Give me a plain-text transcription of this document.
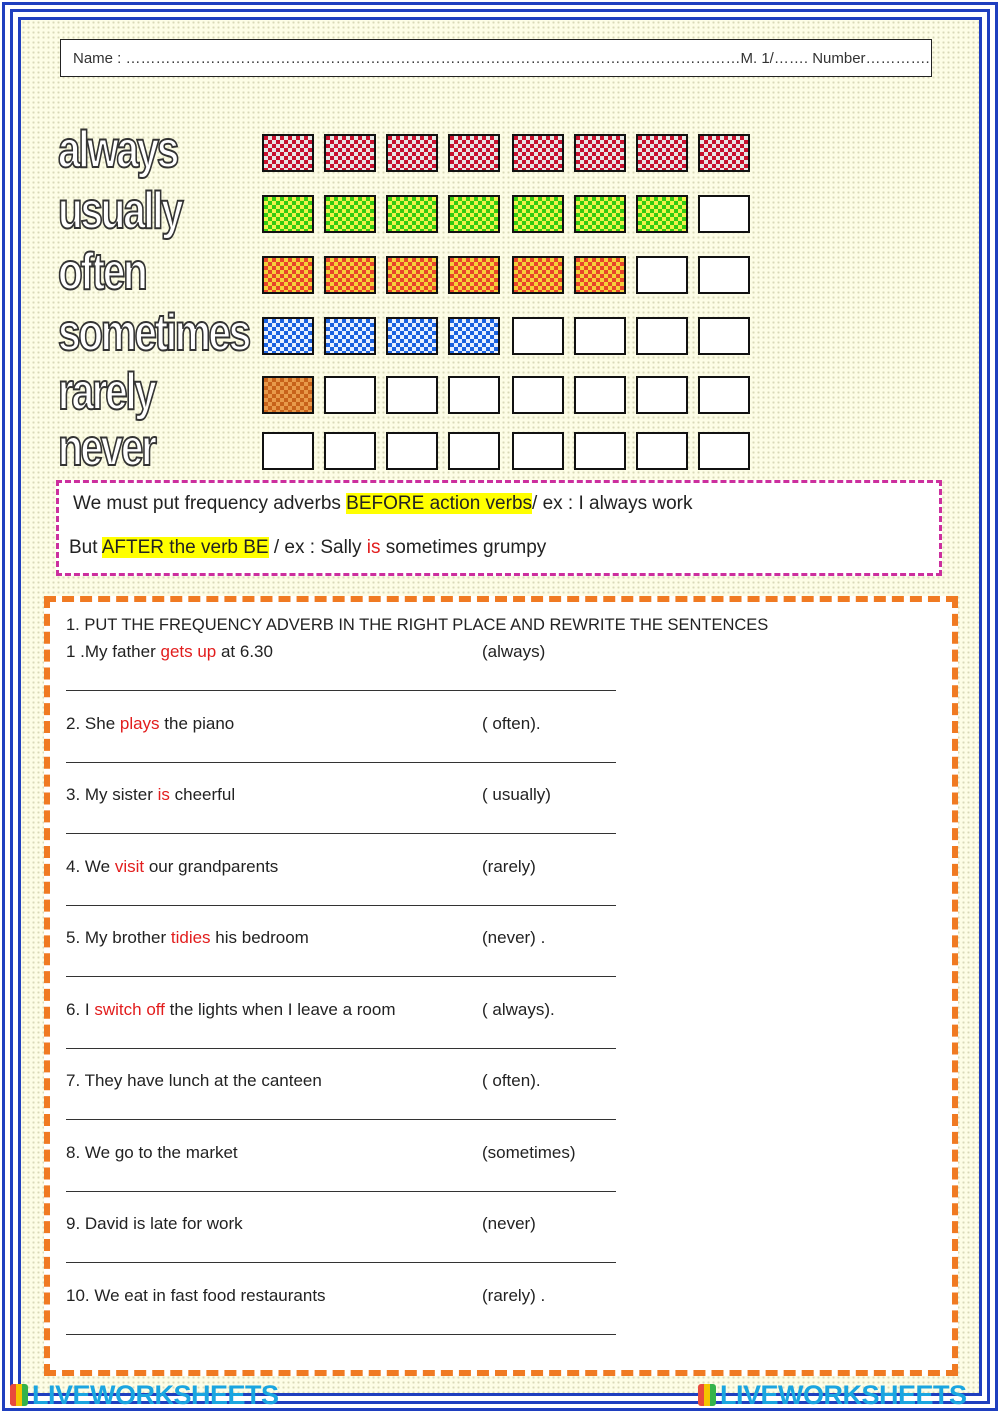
Name : ……………………………………………………………………………………………………………M. 1/……. Number………….
always
usually
often
sometimes
rarely
never
We must put frequency adverbs BEFORE action verbs/ ex : I always work
But AFTER the verb BE / ex : Sally is sometimes grumpy
1. PUT THE FREQUENCY ADVERB IN THE RIGHT PLACE AND REWRITE THE SENTENCES
1 .My father gets up at 6.30	(always)
2. She plays the piano	( often).
3. My sister is cheerful	( usually)
4. We visit our grandparents	(rarely)
5. My brother tidies his bedroom	(never) .
6. I switch off the lights when I leave a room	( always).
7. They have lunch at the canteen	( often).
8. We go to the market	(sometimes)
9. David is late for work	(never)
10. We eat in fast food restaurants	(rarely) .
LIVEWORKSHEETS	LIVEWORKSHEETS
